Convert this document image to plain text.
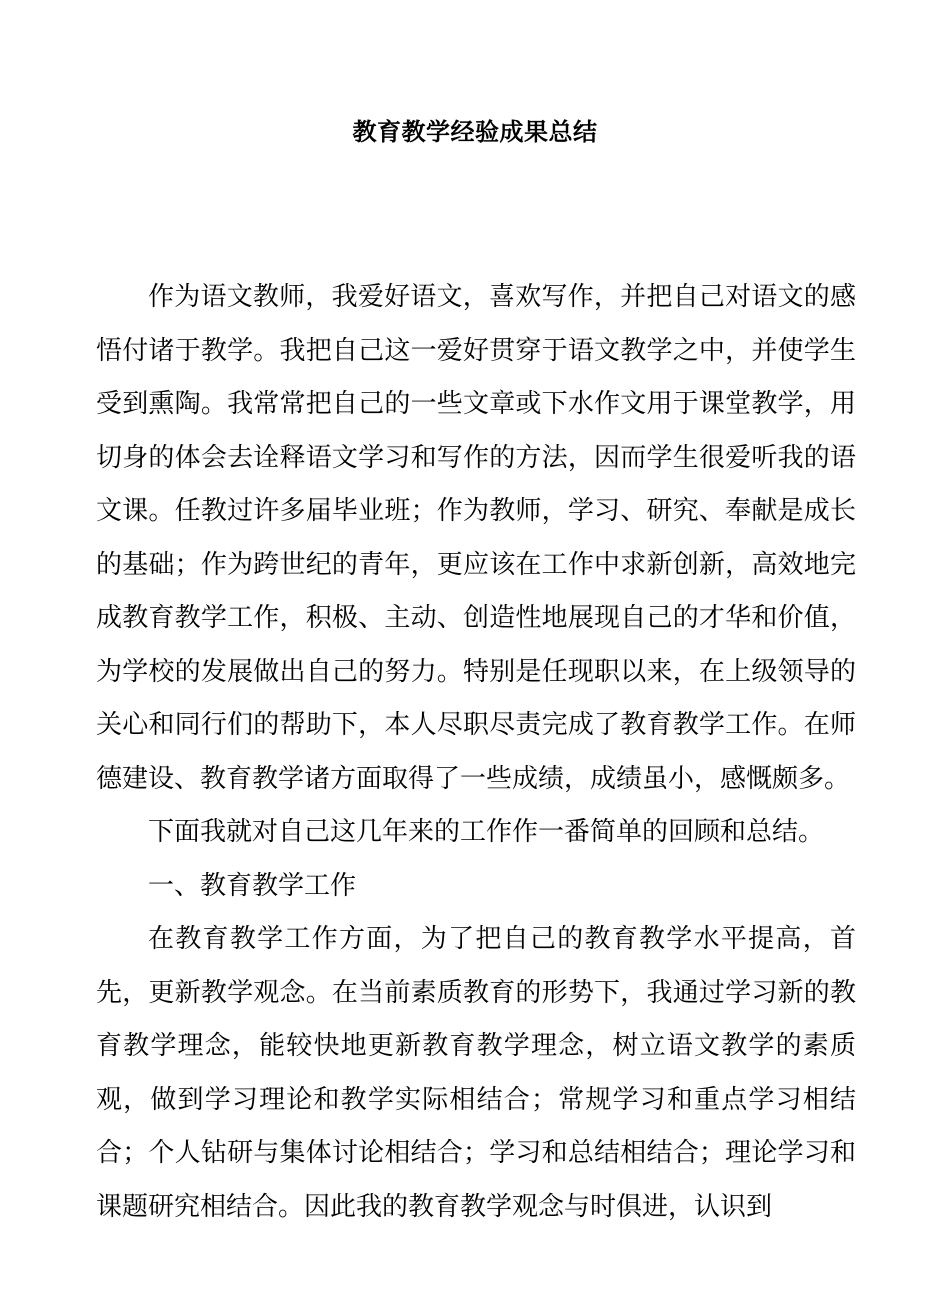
教育教学经验成果总结

作为语文教师，我爱好语文，喜欢写作，并把自己对语文的感悟付诸于教学。我把自己这一爱好贯穿于语文教学之中，并使学生受到熏陶。我常常把自己的一些文章或下水作文用于课堂教学，用切身的体会去诠释语文学习和写作的方法，因而学生很爱听我的语文课。任教过许多届毕业班；作为教师，学习、研究、奉献是成长的基础；作为跨世纪的青年，更应该在工作中求新创新，高效地完成教育教学工作，积极、主动、创造性地展现自己的才华和价值，为学校的发展做出自己的努力。特别是任现职以来，在上级领导的关心和同行们的帮助下，本人尽职尽责完成了教育教学工作。在师德建设、教育教学诸方面取得了一些成绩，成绩虽小，感慨颇多。

下面我就对自己这几年来的工作作一番简单的回顾和总结。

一、教育教学工作

在教育教学工作方面，为了把自己的教育教学水平提高，首先，更新教学观念。在当前素质教育的形势下，我通过学习新的教育教学理念，能较快地更新教育教学理念，树立语文教学的素质观，做到学习理论和教学实际相结合；常规学习和重点学习相结合；个人钻研与集体讨论相结合；学习和总结相结合；理论学习和课题研究相结合。因此我的教育教学观念与时俱进，认识到
